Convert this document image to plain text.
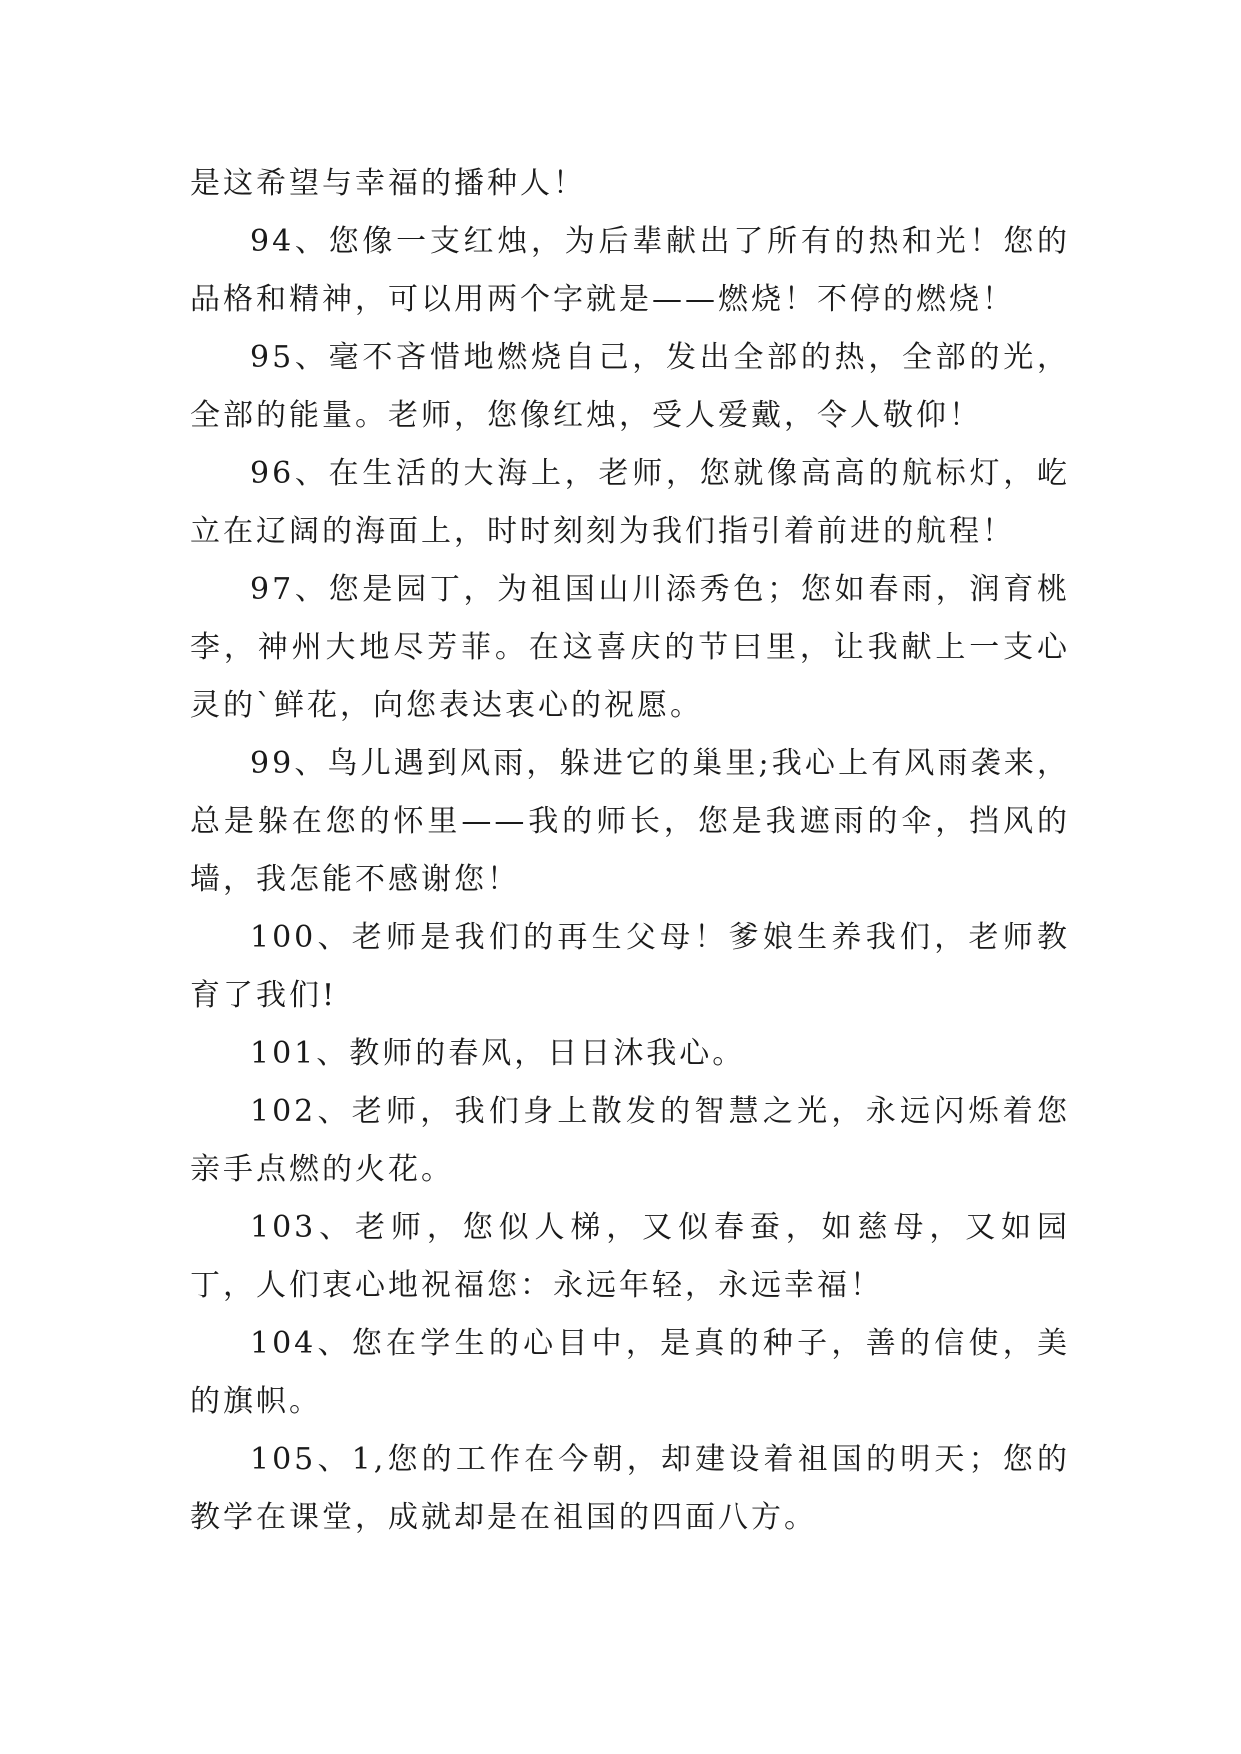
是这希望与幸福的播种人！

94、您像一支红烛，为后辈献出了所有的热和光！您的品格和精神，可以用两个字就是——燃烧！不停的燃烧！

95、毫不吝惜地燃烧自己，发出全部的热，全部的光，全部的能量。老师，您像红烛，受人爱戴，令人敬仰！

96、在生活的大海上，老师，您就像高高的航标灯，屹立在辽阔的海面上，时时刻刻为我们指引着前进的航程！

97、您是园丁，为祖国山川添秀色；您如春雨，润育桃李，神州大地尽芳菲。在这喜庆的节曰里，让我献上一支心灵的`鲜花，向您表达衷心的祝愿。

99、鸟儿遇到风雨，躲进它的巢里;我心上有风雨袭来，总是躲在您的怀里——我的师长，您是我遮雨的伞，挡风的墙，我怎能不感谢您！

100、老师是我们的再生父母！爹娘生养我们，老师教育了我们!

101、教师的春风，日日沐我心。

102、老师，我们身上散发的智慧之光，永远闪烁着您亲手点燃的火花。

103、老师，您似人梯，又似春蚕，如慈母，又如园丁，人们衷心地祝福您：永远年轻，永远幸福！

104、您在学生的心目中，是真的种子，善的信使，美的旗帜。

105、1,您的工作在今朝，却建设着祖国的明天；您的教学在课堂，成就却是在祖国的四面八方。
